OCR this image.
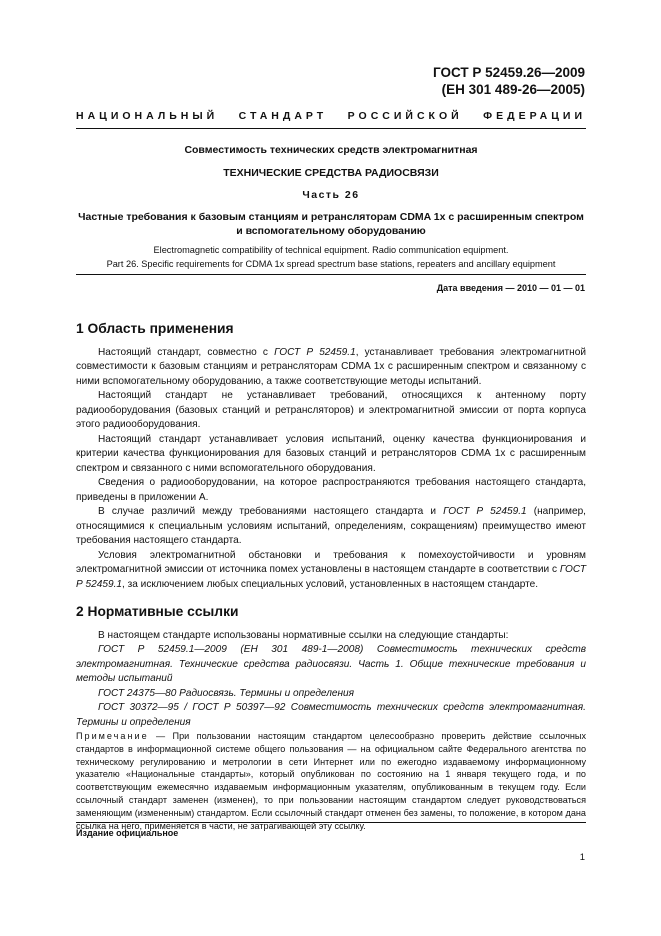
ГОСТ Р 52459.26—2009
(ЕН 301 489-26—2005)
НАЦИОНАЛЬНЫЙ СТАНДАРТ РОССИЙСКОЙ ФЕДЕРАЦИИ

Совместимость технических средств электромагнитная

ТЕХНИЧЕСКИЕ СРЕДСТВА РАДИОСВЯЗИ

Часть 26

Частные требования к базовым станциям и ретрансляторам CDMA 1х с расширенным спектром и вспомогательному оборудованию

Electromagnetic compatibility of technical equipment. Radio communication equipment.

Part 26. Specific requirements for CDMA 1x spread spectrum base stations, repeaters and ancillary equipment

Дата введения — 2010 — 01 — 01
1 Область применения

Настоящий стандарт, совместно с ГОСТ Р 52459.1, устанавливает требования электромагнитной совместимости к базовым станциям и ретрансляторам CDMA 1х с расширенным спектром и связанному с ними вспомогательному оборудованию, а также соответствующие методы испытаний.

Настоящий стандарт не устанавливает требований, относящихся к антенному порту радиооборудования (базовых станций и ретрансляторов) и электромагнитной эмиссии от порта корпуса этого радиооборудования.

Настоящий стандарт устанавливает условия испытаний, оценку качества функционирования и критерии качества функционирования для базовых станций и ретрансляторов CDMA 1х с расширенным спектром и связанного с ними вспомогательного оборудования.

Сведения о радиооборудовании, на которое распространяются требования настоящего стандарта, приведены в приложении А.

В случае различий между требованиями настоящего стандарта и ГОСТ Р 52459.1 (например, относящимися к специальным условиям испытаний, определениям, сокращениям) преимущество имеют требования настоящего стандарта.

Условия электромагнитной обстановки и требования к помехоустойчивости и уровням электромагнитной эмиссии от источника помех установлены в настоящем стандарте в соответствии с ГОСТ Р 52459.1, за исключением любых специальных условий, установленных в настоящем стандарте.

2 Нормативные ссылки

В настоящем стандарте использованы нормативные ссылки на следующие стандарты:

ГОСТ Р 52459.1—2009 (ЕН 301 489-1—2008) Совместимость технических средств электромагнитная. Технические средства радиосвязи. Часть 1. Общие технические требования и методы испытаний

ГОСТ 24375—80 Радиосвязь. Термины и определения

ГОСТ 30372—95 / ГОСТ Р 50397—92 Совместимость технических средств электромагнитная. Термины и определения

Примечание — При пользовании настоящим стандартом целесообразно проверить действие ссылочных стандартов в информационной системе общего пользования — на официальном сайте Федерального агентства по техническому регулированию и метрологии в сети Интернет или по ежегодно издаваемому информационному указателю «Национальные стандарты», который опубликован по состоянию на 1 января текущего года, и по соответствующим ежемесячно издаваемым информационным указателям, опубликованным в текущем году. Если ссылочный стандарт заменен (изменен), то при пользовании настоящим стандартом следует руководствоваться заменяющим (измененным) стандартом. Если ссылочный стандарт отменен без замены, то положение, в котором дана ссылка на него, применяется в части, не затрагивающей эту ссылку.

Издание официальное
1
